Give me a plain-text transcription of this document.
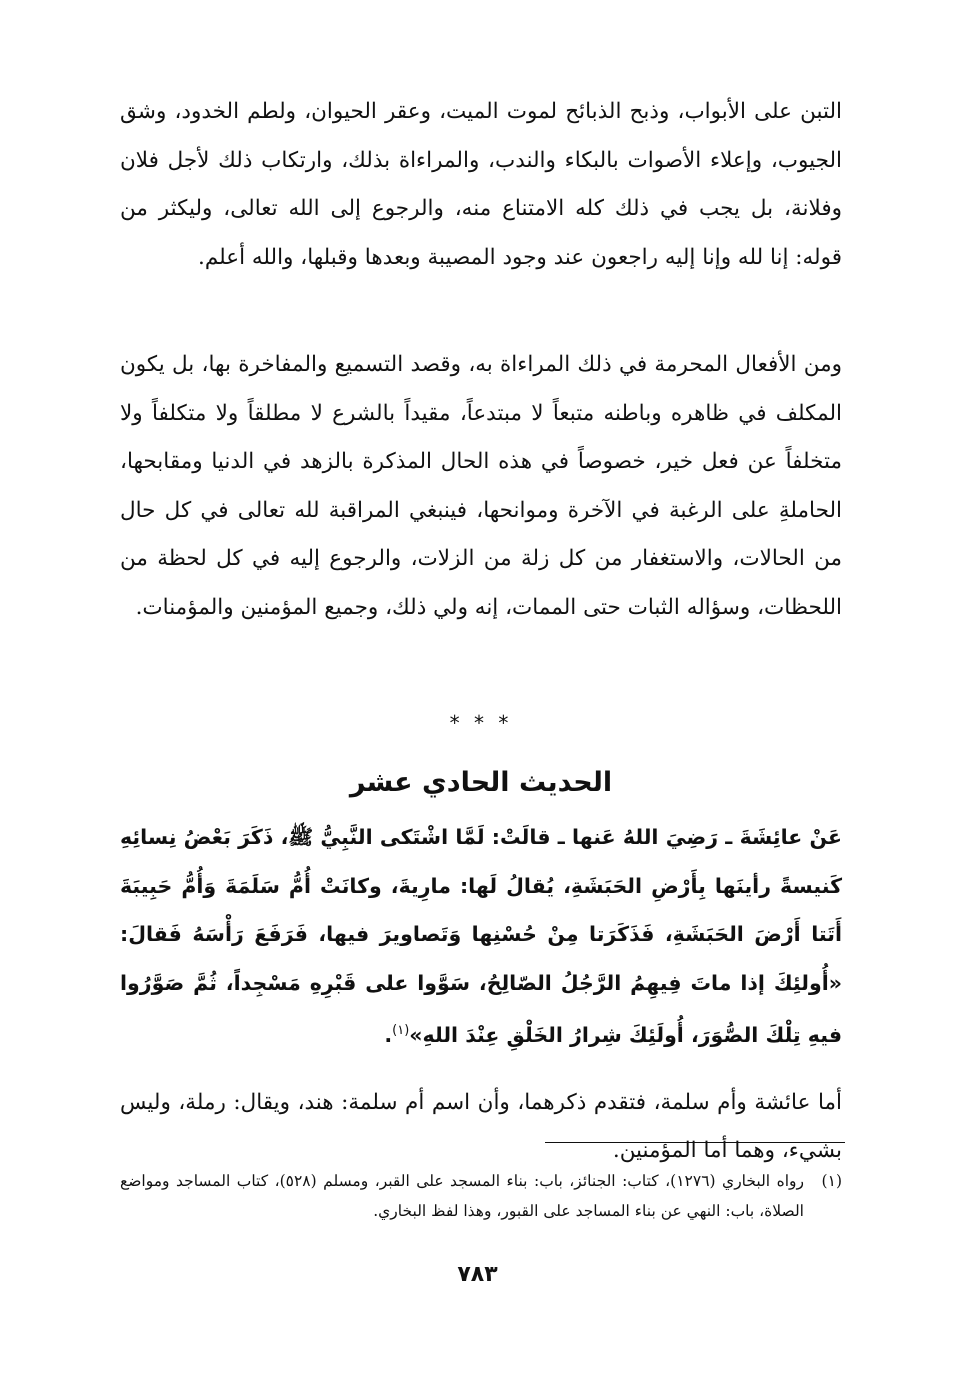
التبن على الأبواب، وذبح الذبائح لموت الميت، وعقر الحيوان، ولطم الخدود، وشق الجيوب، وإعلاء الأصوات بالبكاء والندب، والمراءاة بذلك، وارتكاب ذلك لأجل فلان وفلانة، بل يجب في ذلك كله الامتناع منه، والرجوع إلى الله تعالى، وليكثر من قوله: إنا لله وإنا إليه راجعون عند وجود المصيبة وبعدها وقبلها، والله أعلم.

ومن الأفعال المحرمة في ذلك المراءاة به، وقصد التسميع والمفاخرة بها، بل يكون المكلف في ظاهره وباطنه متبعاً لا مبتدعاً، مقيداً بالشرع لا مطلقاً ولا متكلفاً ولا متخلفاً عن فعل خير، خصوصاً في هذه الحال المذكرة بالزهد في الدنيا ومقابحها، الحاملةِ على الرغبة في الآخرة وموانحها، فينبغي المراقبة لله تعالى في كل حال من الحالات، والاستغفار من كل زلة من الزلات، والرجوع إليه في كل لحظة من اللحظات، وسؤاله الثبات حتى الممات، إنه ولي ذلك، وجميع المؤمنين والمؤمنات.

* * *
الحديث الحادي عشر

عَنْ عائِشَةَ ـ رَضِيَ اللهُ عَنها ـ قالَتْ: لَمَّا اشْتَكى النَّبِيُّ ﷺ، ذَكَرَ بَعْضُ نِسائِهِ كَنيسةً رأينَها بِأَرْضِ الحَبَشَةِ، يُقالُ لَها: مارِيةَ، وكانَتْ أُمُّ سَلَمَةَ وَأُمُّ حَبِيبَةَ أَتَتا أَرْضَ الحَبَشَةِ، فَذَكَرَتا مِنْ حُسْنِها وَتَصاويرَ فيها، فَرَفَعَ رَأْسَهُ فَقالَ: «أُولئِكَ إذا ماتَ فِيهِمُ الرَّجُلُ الصّالِحُ، سَوَّوا على قَبْرِهِ مَسْجِداً، ثُمَّ صَوَّرُوا فيهِ تِلْكَ الصُّوَرَ، أُولَئِكَ شِرارُ الخَلْقِ عِنْدَ اللهِ»$^{(١)}$.

أما عائشة وأم سلمة، فتقدم ذكرهما، وأن اسم أم سلمة: هند، ويقال: رملة، وليس بشيء، وهما أما المؤمنين.

(١)
رواه البخاري (١٢٧٦)، كتاب: الجنائز، باب: بناء المسجد على القبر، ومسلم (٥٢٨)، كتاب المساجد ومواضع الصلاة، باب: النهي عن بناء المساجد على القبور، وهذا لفظ البخاري.
٧٨٣
